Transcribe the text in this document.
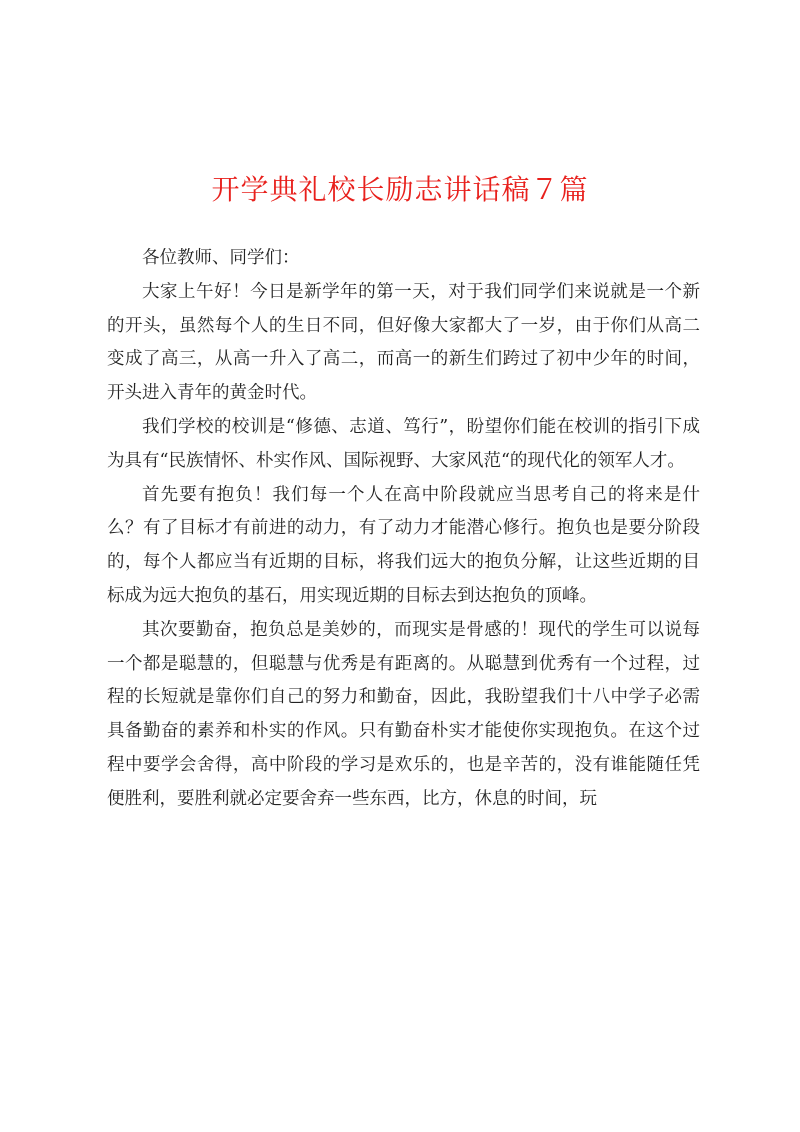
开学典礼校长励志讲话稿７篇

各位教师、同学们：

大家上午好！今日是新学年的第一天，对于我们同学们来说就是一个新的开头，虽然每个人的生日不同，但好像大家都大了一岁，由于你们从高二变成了高三，从高一升入了高二，而高一的新生们跨过了初中少年的时间，开头进入青年的黄金时代。

我们学校的校训是“修德、志道、笃行”，盼望你们能在校训的指引下成为具有“民族情怀、朴实作风、国际视野、大家风范“的现代化的领军人才。

首先要有抱负！我们每一个人在高中阶段就应当思考自己的将来是什么？有了目标才有前进的动力，有了动力才能潜心修行。抱负也是要分阶段的，每个人都应当有近期的目标，将我们远大的抱负分解，让这些近期的目标成为远大抱负的基石，用实现近期的目标去到达抱负的顶峰。

其次要勤奋，抱负总是美妙的，而现实是骨感的！现代的学生可以说每一个都是聪慧的，但聪慧与优秀是有距离的。从聪慧到优秀有一个过程，过程的长短就是靠你们自己的努力和勤奋，因此，我盼望我们十八中学子必需具备勤奋的素养和朴实的作风。只有勤奋朴实才能使你实现抱负。在这个过程中要学会舍得，高中阶段的学习是欢乐的，也是辛苦的，没有谁能随任凭便胜利，要胜利就必定要舍弃一些东西，比方，休息的时间，玩
